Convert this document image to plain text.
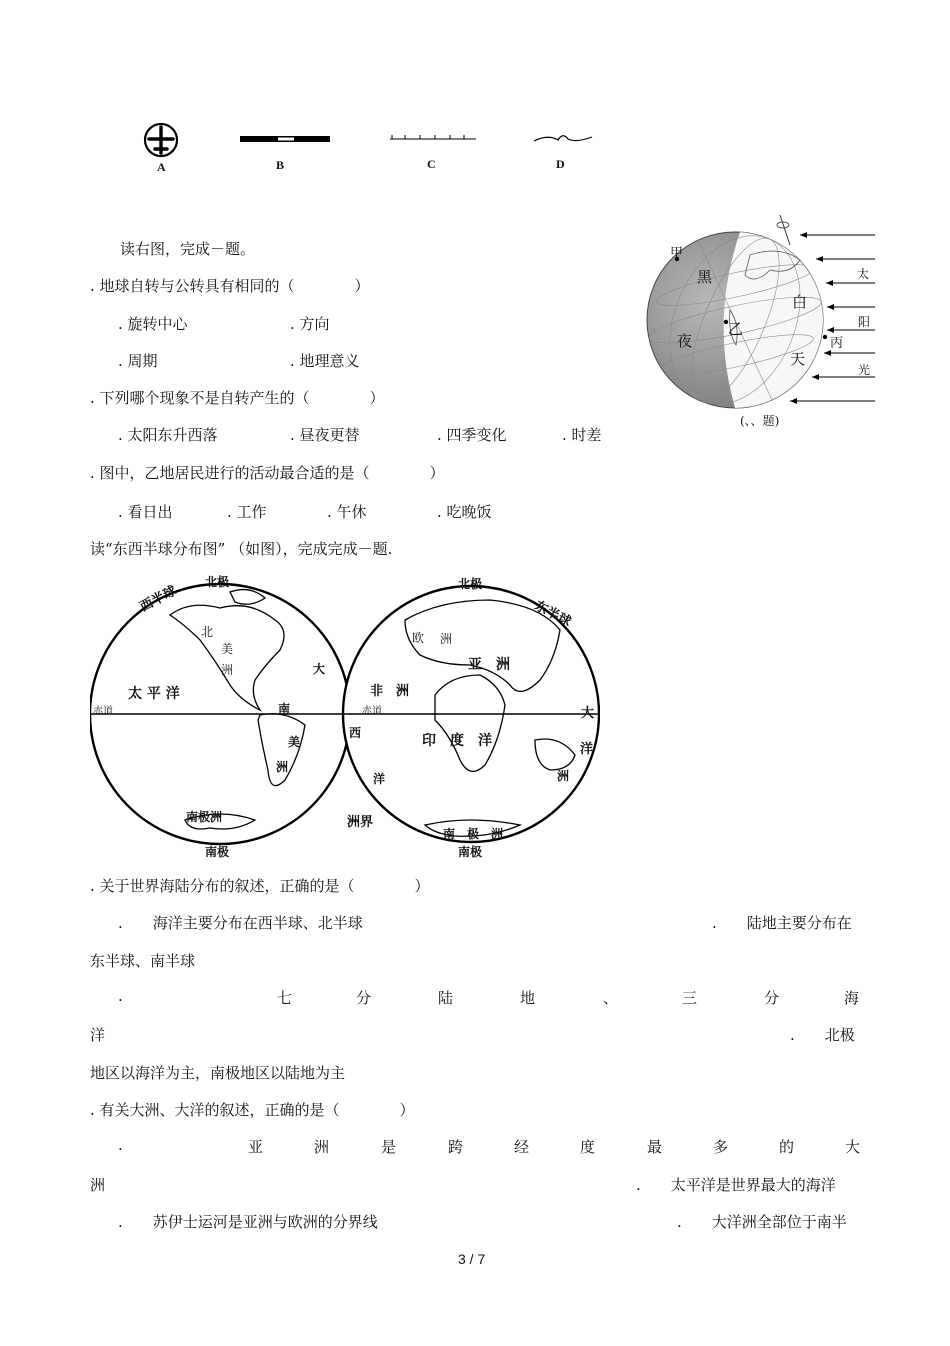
A	B	C	D
读右图，完成－题。
. 地球自转与公转具有相同的（　　　　）
. 旋转中心	. 方向
. 周期	. 地理意义
. 下列哪个现象不是自转产生的（　　　　）
. 太阳东升西落	. 昼夜更替	. 四季变化	. 时差
. 图中，乙地居民进行的活动最合适的是（　　　　）
. 看日出	. 工作	. 午休	. 吃晚饭
甲
黑
夜
乙
白
天
丙
太
阳
光
(、、题)
读“东西半球分布图” （如图），完成完成－题.
西半球
北极
南极
赤道
北
美
洲
太 平 洋
南
美
洲
大
南极洲
北极
东半球
南极
赤道
欧 洲
亚　洲
非　洲
西	印　度　洋
洋
大
洋
洲
南　极　洲
洲界
. 关于世界海陆分布的叙述，正确的是（　　　　）
.　　海洋主要分布在西半球、北半球	.　　陆地主要分布在
东半球、南半球
.	七	分	陆	地	、	三	分	海
洋	.　　北极
地区以海洋为主，南极地区以陆地为主
. 有关大洲、大洋的叙述，正确的是（　　　　）
.	亚	洲	是	跨	经	度	最	多	的	大
洲	.　　太平洋是世界最大的海洋
.　　苏伊士运河是亚洲与欧洲的分界线	.　　大洋洲全部位于南半
3 / 7
